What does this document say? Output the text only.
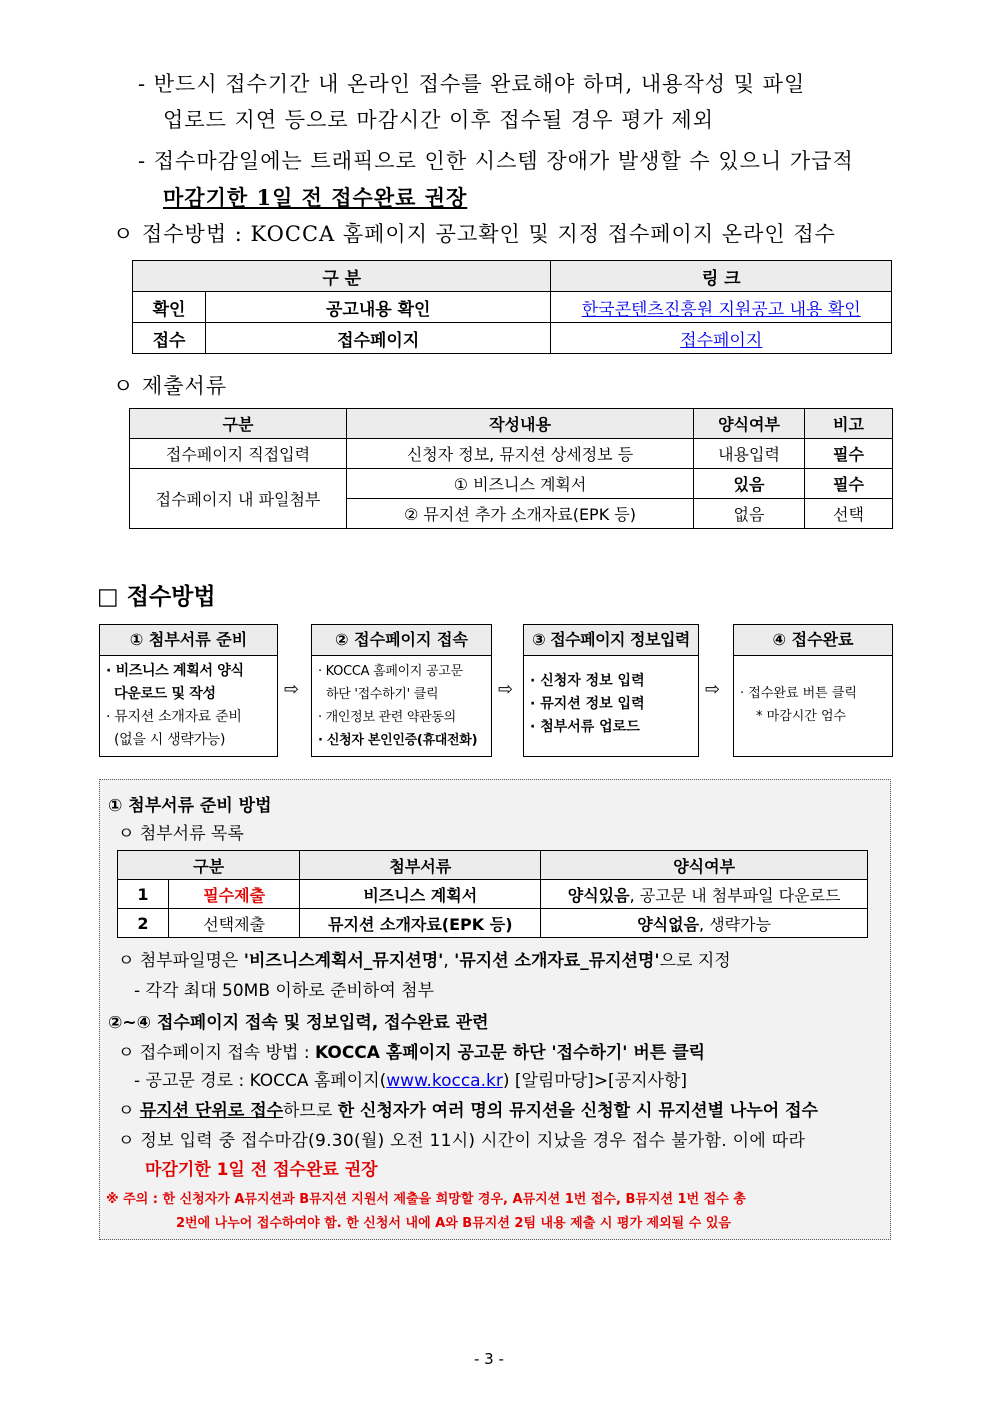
- 반드시 접수기간 내 온라인 접수를 완료해야 하며, 내용작성 및 파일
업로드 지연 등으로 마감시간 이후 접수될 경우 평가 제외
- 접수마감일에는 트래픽으로 인한 시스템 장애가 발생할 수 있으니 가급적
마감기한 1일 전 접수완료 권장
ㅇ 접수방법 : KOCCA 홈페이지 공고확인 및 지정 접수페이지 온라인 접수
구 분		링 크
확인	공고내용 확인	한국콘텐츠진흥원 지원공고 내용 확인
접수	접수페이지	접수페이지
ㅇ 제출서류
구분	작성내용	양식여부	비고
접수페이지 직접입력	신청자 정보, 뮤지션 상세정보 등	내용입력	필수
접수페이지 내 파일첨부	① 비즈니스 계획서	있음	필수
	② 뮤지션 추가 소개자료(EPK 등)	없음	선택
□ 접수방법
① 첨부서류 준비
· 비즈니스 계획서 양식
다운로드 및 작성
· 뮤지션 소개자료 준비
(없을 시 생략가능)
⇨
② 접수페이지 접속
· KOCCA 홈페이지 공고문
하단 '접수하기' 클릭
· 개인정보 관련 약관동의
· 신청자 본인인증(휴대전화)
⇨
③ 접수페이지 정보입력
· 신청자 정보 입력
· 뮤지션 정보 입력
· 첨부서류 업로드
⇨
④ 접수완료
· 접수완료 버튼 클릭
* 마감시간 엄수
① 첨부서류 준비 방법
ㅇ 첨부서류 목록
구분		첨부서류	양식여부
1	필수제출	비즈니스 계획서	양식있음, 공고문 내 첨부파일 다운로드
2	선택제출	뮤지션 소개자료(EPK 등)	양식없음, 생략가능
ㅇ 첨부파일명은 '비즈니스계획서_뮤지션명', '뮤지션 소개자료_뮤지션명'으로 지정
- 각각 최대 50MB 이하로 준비하여 첨부
②~④ 접수페이지 접속 및 정보입력, 접수완료 관련
ㅇ 접수페이지 접속 방법 : KOCCA 홈페이지 공고문 하단 '접수하기' 버튼 클릭
- 공고문 경로 : KOCCA 홈페이지(www.kocca.kr) [알림마당]>[공지사항]
ㅇ 뮤지션 단위로 접수하므로 한 신청자가 여러 명의 뮤지션을 신청할 시 뮤지션별 나누어 접수
ㅇ 정보 입력 중 접수마감(9.30(월) 오전 11시) 시간이 지났을 경우 접수 불가함. 이에 따라
마감기한 1일 전 접수완료 권장
※ 주의 : 한 신청자가 A뮤지션과 B뮤지션 지원서 제출을 희망할 경우, A뮤지션 1번 접수, B뮤지션 1번 접수 총
2번에 나누어 접수하여야 함. 한 신청서 내에 A와 B뮤지션 2팀 내용 제출 시 평가 제외될 수 있음
- 3 -
